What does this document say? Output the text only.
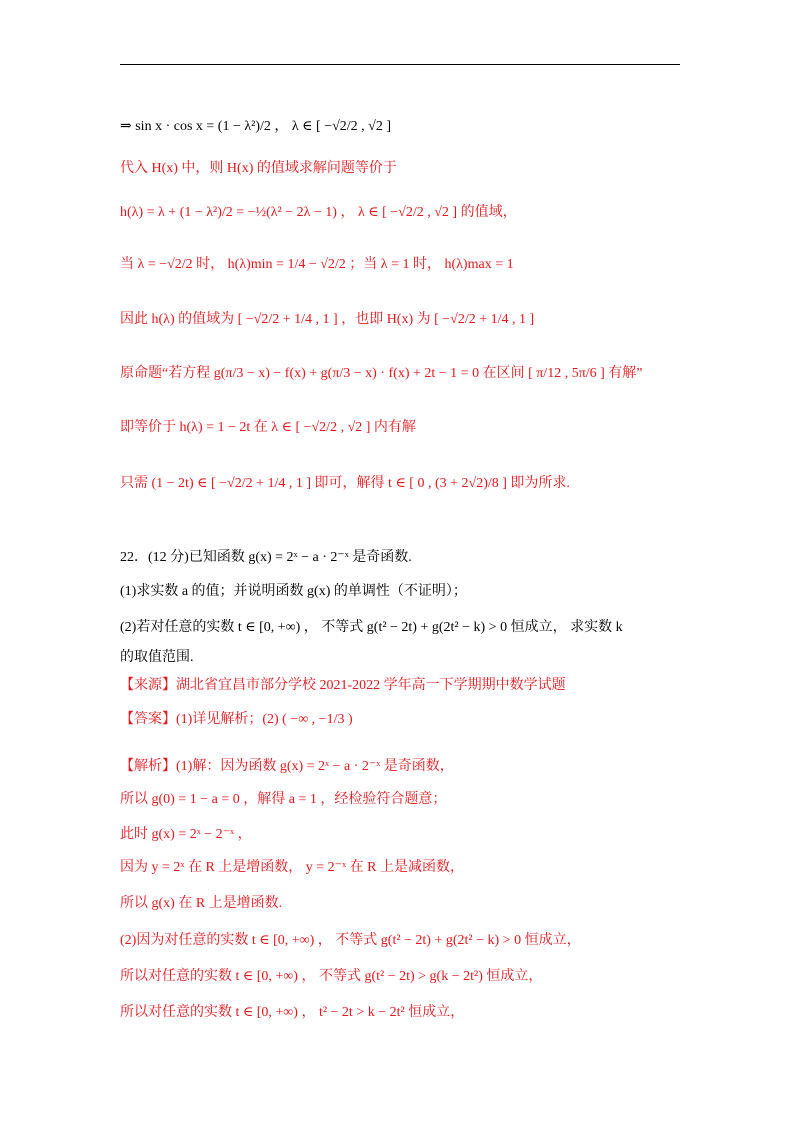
⇒ sin x · cos x = (1 − λ²)/2 ， λ ∈ [ −√2/2 , √2 ]
代入 H(x) 中，则 H(x) 的值域求解问题等价于
h(λ) = λ + (1 − λ²)/2 = −½(λ² − 2λ − 1) ， λ ∈ [ −√2/2 , √2 ] 的值域，
当 λ = −√2/2 时， h(λ)min = 1/4 − √2/2 ；当 λ = 1 时， h(λ)max = 1
因此 h(λ) 的值域为 [ −√2/2 + 1/4 , 1 ] ，也即 H(x) 为 [ −√2/2 + 1/4 , 1 ]
原命题“若方程 g(π/3 − x) − f(x) + g(π/3 − x) · f(x) + 2t − 1 = 0 在区间 [ π/12 , 5π/6 ] 有解”
即等价于 h(λ) = 1 − 2t 在 λ ∈ [ −√2/2 , √2 ] 内有解
只需 (1 − 2t) ∈ [ −√2/2 + 1/4 , 1 ] 即可，解得 t ∈ [ 0 , (3 + 2√2)/8 ] 即为所求.
22．(12 分)已知函数 g(x) = 2ˣ − a · 2⁻ˣ 是奇函数.
(1)求实数 a 的值；并说明函数 g(x) 的单调性（不证明）；
(2)若对任意的实数 t ∈ [0, +∞) ， 不等式 g(t² − 2t) + g(2t² − k) > 0 恒成立， 求实数 k
的取值范围.
【来源】湖北省宜昌市部分学校 2021-2022 学年高一下学期期中数学试题
【答案】(1)详见解析；(2) ( −∞ , −1/3 )
【解析】(1)解：因为函数 g(x) = 2ˣ − a · 2⁻ˣ 是奇函数，
所以 g(0) = 1 − a = 0 ，解得 a = 1 ，经检验符合题意；
此时 g(x) = 2ˣ − 2⁻ˣ ，
因为 y = 2ˣ 在 R 上是增函数， y = 2⁻ˣ 在 R 上是减函数，
所以 g(x) 在 R 上是增函数.
(2)因为对任意的实数 t ∈ [0, +∞) ， 不等式 g(t² − 2t) + g(2t² − k) > 0 恒成立，
所以对任意的实数 t ∈ [0, +∞) ， 不等式 g(t² − 2t) > g(k − 2t²) 恒成立，
所以对任意的实数 t ∈ [0, +∞) ， t² − 2t > k − 2t² 恒成立，
